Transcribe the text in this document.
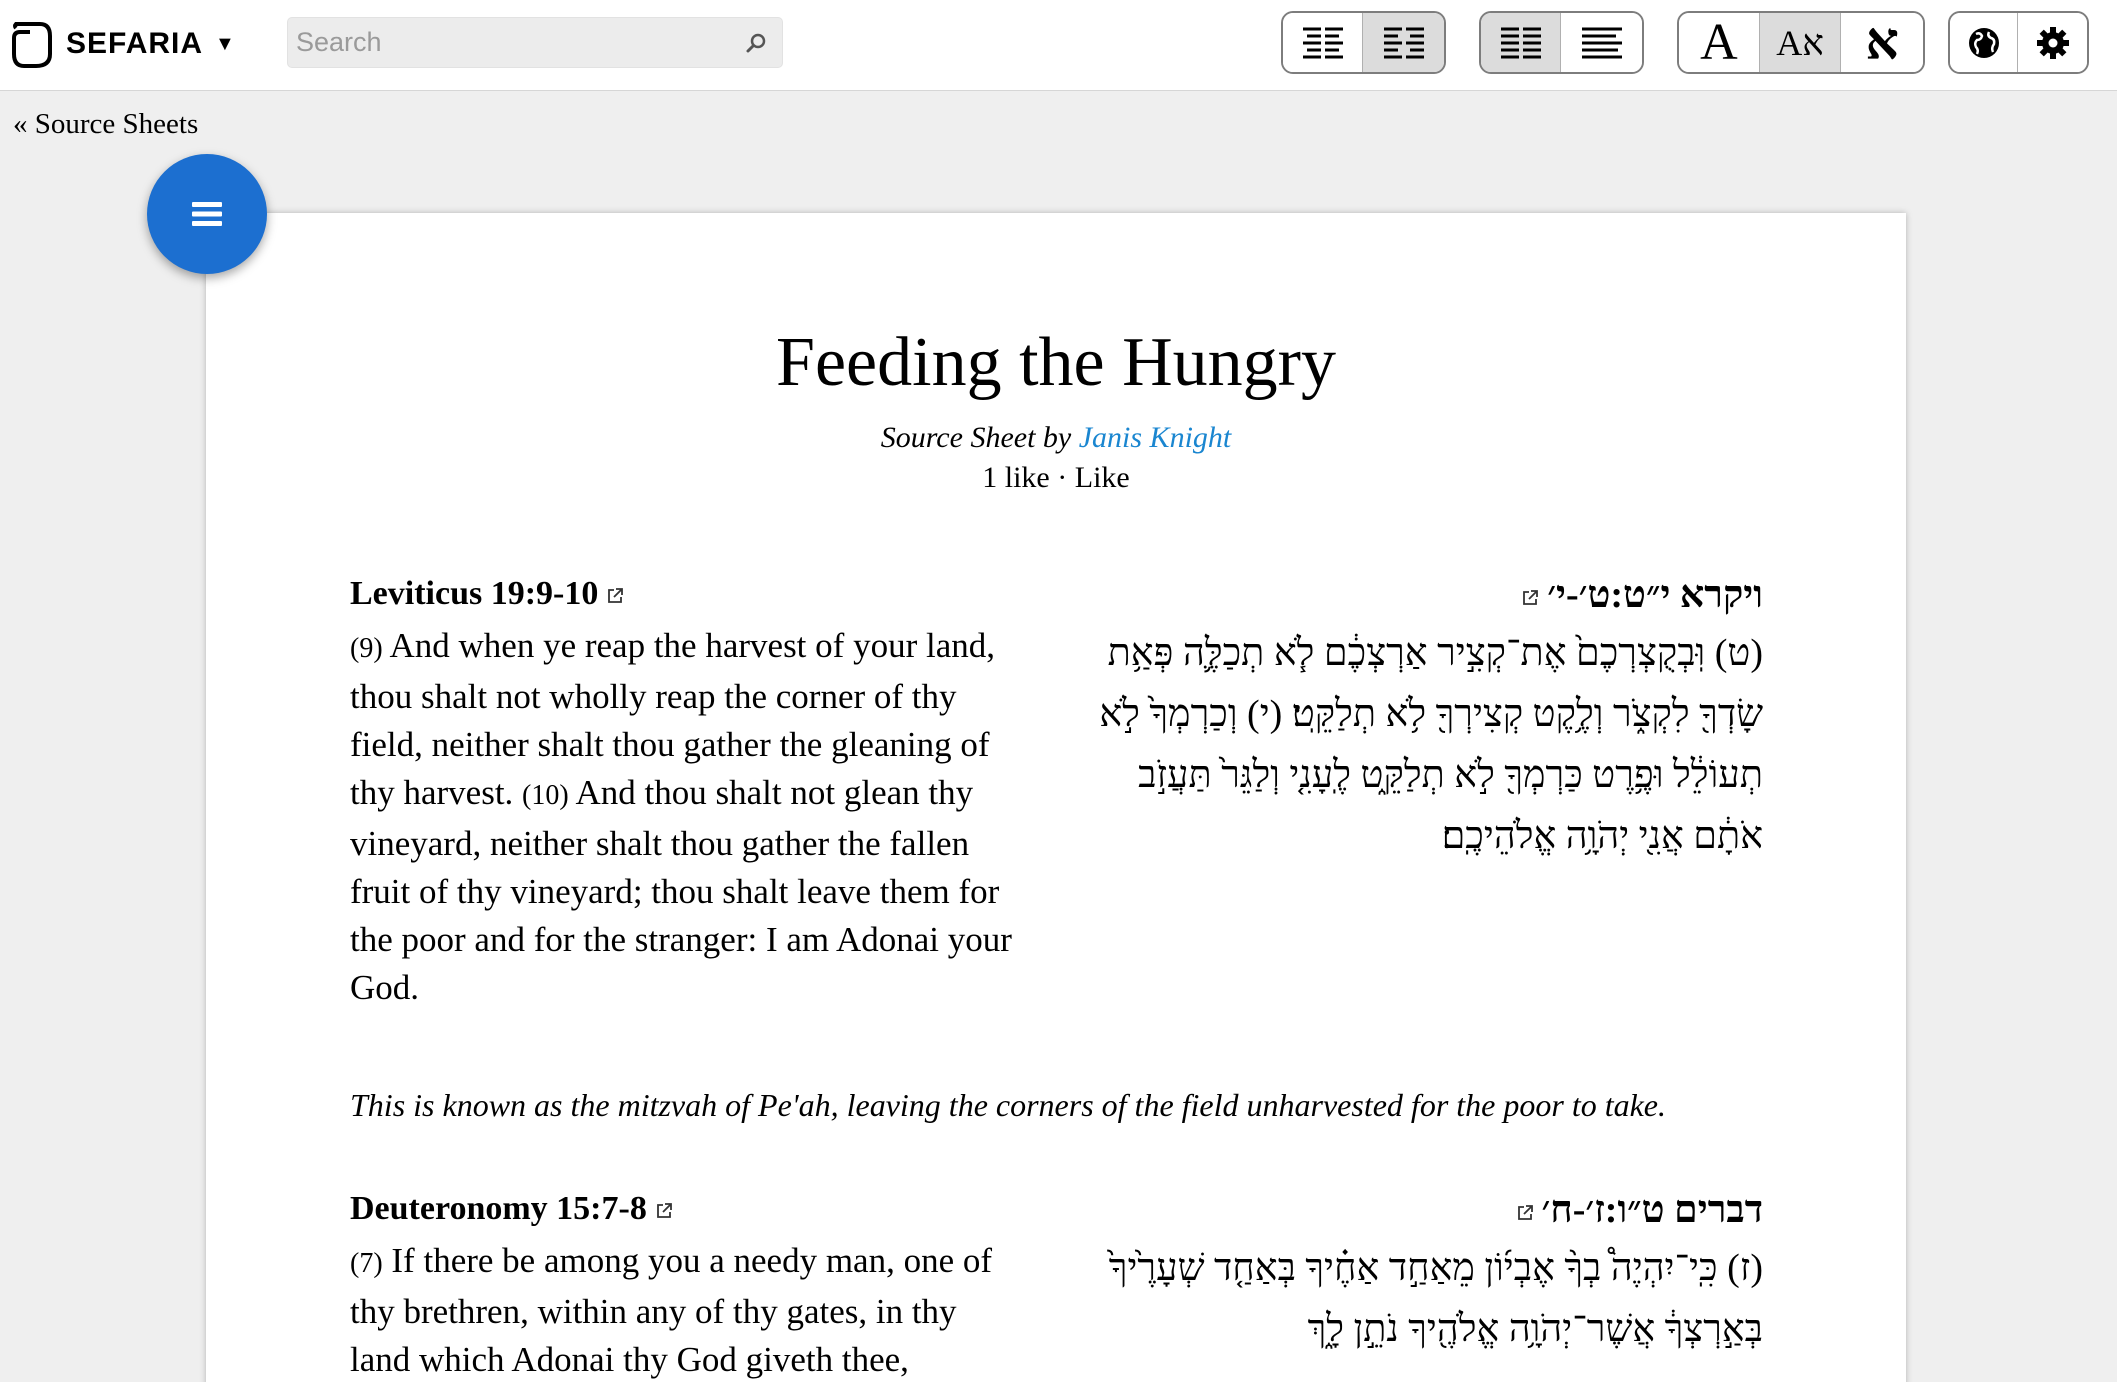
SEFARIA ▼
Search	A Aא א
« Source Sheets
Feeding the Hungry
Source Sheet by Janis Knight
1 like · Like
Leviticus 19:9-10	ויקרא י״ט:ט׳-י׳
(9) And when ye reap the harvest of your land, thou shalt not wholly reap the corner of thy field, neither shalt thou gather the gleaning of thy harvest. (10) And thou shalt not glean thy vineyard, neither shalt thou gather the fallen fruit of thy vineyard; thou shalt leave them for the poor and for the stranger: I am Adonai your God.
(ט) וּֽבְקֻצְרְכֶם֙ אֶת־קְצִ֣יר אַרְצְכֶ֔ם לֹ֧א תְכַלֶּ֛ה פְּאַ֥ת שָׂדְךָ֖ לִקְצֹ֑ר וְלֶ֥קֶט קְצִירְךָ֖ לֹ֥א תְלַקֵּֽט׃ (י) וְכַרְמְךָ֙ לֹ֣א תְעוֹלֵ֔ל וּפֶ֥רֶט כַּרְמְךָ֖ לֹ֣א תְלַקֵּ֑ט לֶֽעָנִ֤י וְלַגֵּר֙ תַּעֲזֹ֣ב אֹתָ֔ם אֲנִ֖י יְהֹוָ֥ה אֱלֹהֵיכֶֽם׃
This is known as the mitzvah of Pe'ah, leaving the corners of the field unharvested for the poor to take.
Deuteronomy 15:7-8	דברים ט״ו:ז׳-ח׳
(7) If there be among you a needy man, one of thy brethren, within any of thy gates, in thy land which Adonai thy God giveth thee,
(ז) כִּֽי־יִהְיֶה֩ בְךָ֨ אֶבְי֜וֹן מֵאַחַ֣ד אַחֶ֗יךָ בְּאַחַ֤ד שְׁעָרֶ֙יךָ֙ בְּאַ֣רְצְךָ֔ אֲשֶׁר־יְהֹוָ֥ה אֱלֹהֶ֖יךָ נֹתֵ֣ן לָ֑ךְ
